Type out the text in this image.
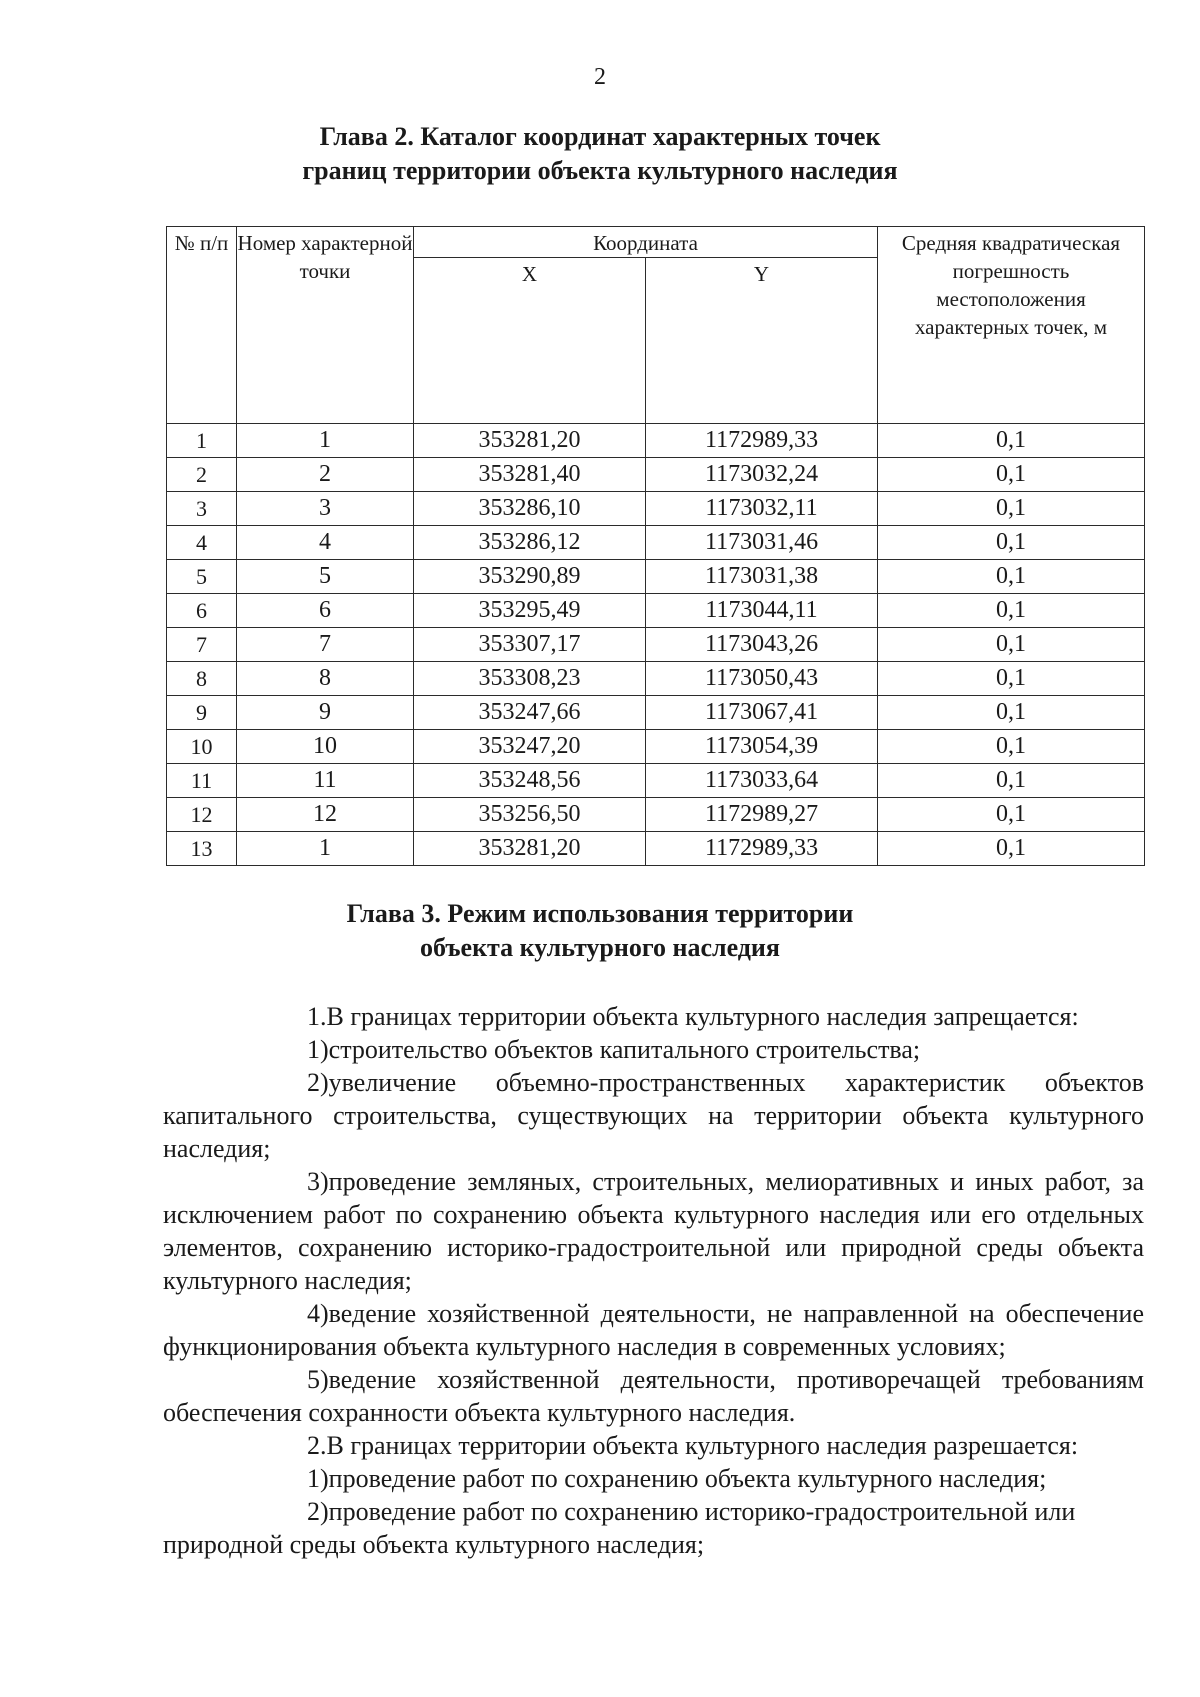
2
Глава 2. Каталог координат характерных точек
границ территории объекта культурного наследия
№ п/п	Номер характерной точки	Координата		Средняя квадратическая погрешность местоположения характерных точек, м
		X	Y	
1	1	353281,20	1172989,33	0,1
2	2	353281,40	1173032,24	0,1
3	3	353286,10	1173032,11	0,1
4	4	353286,12	1173031,46	0,1
5	5	353290,89	1173031,38	0,1
6	6	353295,49	1173044,11	0,1
7	7	353307,17	1173043,26	0,1
8	8	353308,23	1173050,43	0,1
9	9	353247,66	1173067,41	0,1
10	10	353247,20	1173054,39	0,1
11	11	353248,56	1173033,64	0,1
12	12	353256,50	1172989,27	0,1
13	1	353281,20	1172989,33	0,1
Глава 3. Режим использования территории
объекта культурного наследия

1.В границах территории объекта культурного наследия запрещается:

1)строительство объектов капитального строительства;

2)увеличение объемно-пространственных характеристик объектов капитального строительства, существующих на территории объекта культурного наследия;

3)проведение земляных, строительных, мелиоративных и иных работ, за исключением работ по сохранению объекта культурного наследия или его отдельных элементов, сохранению историко-градостроительной или природной среды объекта культурного наследия;

4)ведение хозяйственной деятельности, не направленной на обеспечение функционирования объекта культурного наследия в современных условиях;

5)ведение хозяйственной деятельности, противоречащей требованиям обеспечения сохранности объекта культурного наследия.

2.В границах территории объекта культурного наследия разрешается:

1)проведение работ по сохранению объекта культурного наследия;

2)проведение работ по сохранению историко-градостроительной или природной среды объекта культурного наследия;
